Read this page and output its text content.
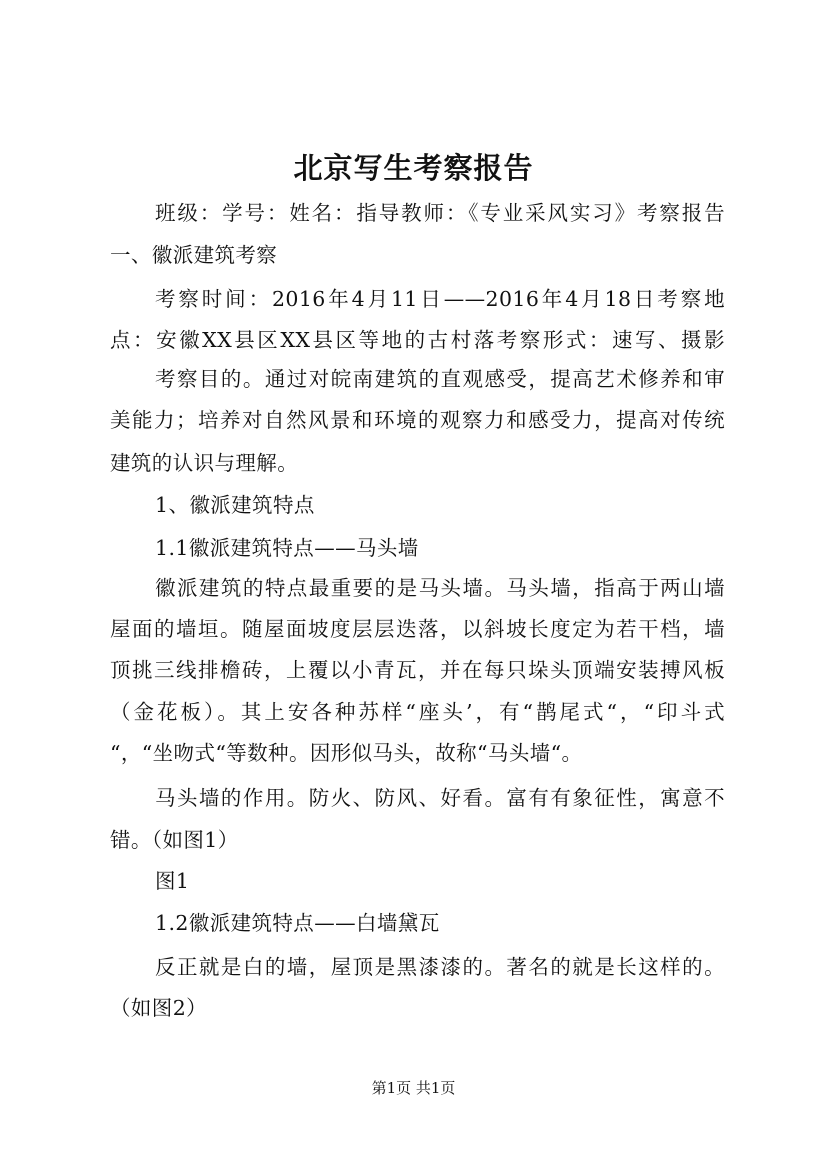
北京写生考察报告
班级：学号：姓名：指导教师：《专业采风实习》考察报告
一、徽派建筑考察
考察时间：2016年4月11日——2016年4月18日考察地
点：安徽XX县区XX县区等地的古村落考察形式：速写、摄影
考察目的。通过对皖南建筑的直观感受，提高艺术修养和审
美能力；培养对自然风景和环境的观察力和感受力，提高对传统
建筑的认识与理解。
1、徽派建筑特点
1.1徽派建筑特点——马头墙
徽派建筑的特点最重要的是马头墙。马头墙，指高于两山墙
屋面的墙垣。随屋面坡度层层迭落，以斜坡长度定为若干档，墙
顶挑三线排檐砖，上覆以小青瓦，并在每只垛头顶端安装搏风板
（金花板）。其上安各种苏样“座头’，有“鹊尾式“，“印斗式
“，“坐吻式“等数种。因形似马头，故称“马头墙“。
马头墙的作用。防火、防风、好看。富有有象征性，寓意不
错。（如图1）
图1
1.2徽派建筑特点——白墙黛瓦
反正就是白的墙，屋顶是黑漆漆的。著名的就是长这样的。
（如图2）
第1页 共1页
